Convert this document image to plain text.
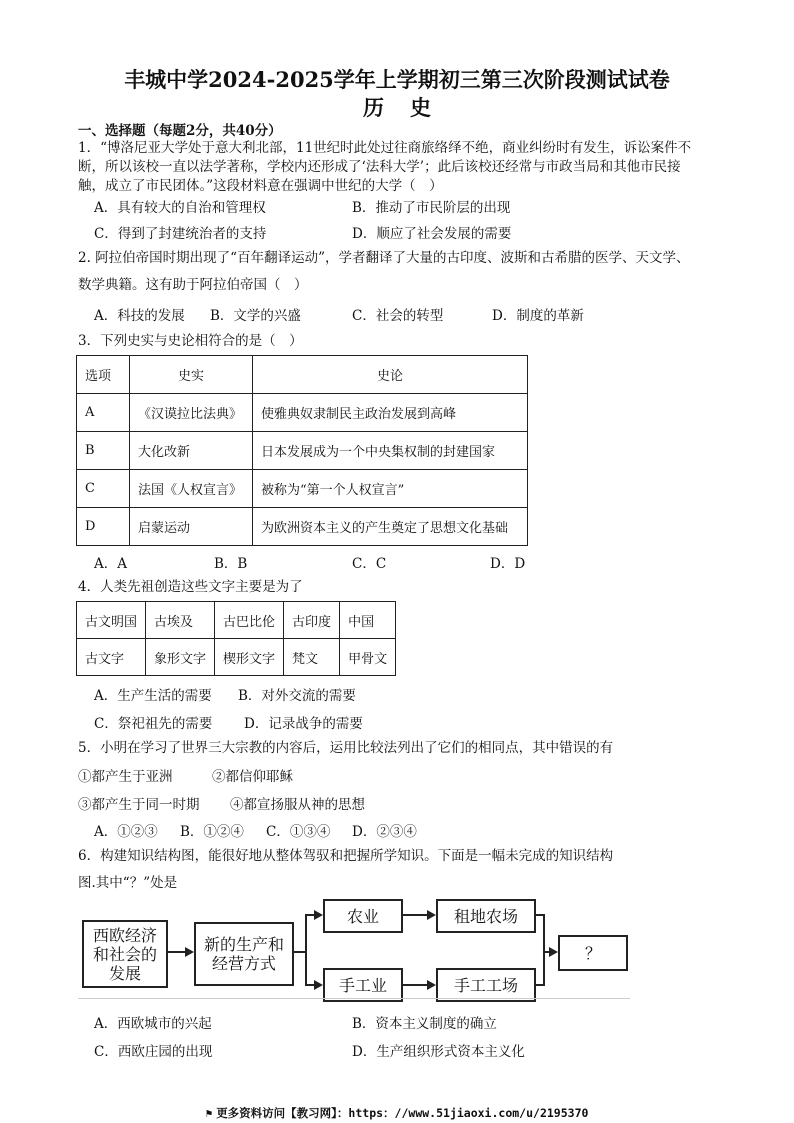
丰城中学2024-2025学年上学期初三第三次阶段测试试卷
历史
一、选择题（每题2分，共40分）
1．“博洛尼亚大学处于意大利北部，11世纪时此处过往商旅络绎不绝，商业纠纷时有发生，诉讼案件不
断，所以该校一直以法学著称，学校内还形成了‘法科大学’；此后该校还经常与市政当局和其他市民接
触，成立了市民团体。”这段材料意在强调中世纪的大学（　）
A．具有较大的自治和管理权	B．推动了市民阶层的出现
C．得到了封建统治者的支持	D．顺应了社会发展的需要
2. 阿拉伯帝国时期出现了“百年翻译运动”，学者翻译了大量的古印度、波斯和古希腊的医学、天文学、
数学典籍。这有助于阿拉伯帝国（　）
A．科技的发展 B．文学的兴盛	C．社会的转型	D．制度的革新
3．下列史实与史论相符合的是（　）
选项	史实	史论
A	《汉谟拉比法典》	使雅典奴隶制民主政治发展到高峰
B	大化改新	日本发展成为一个中央集权制的封建国家
C	法国《人权宣言》	被称为“第一个人权宣言”
D	启蒙运动	为欧洲资本主义的产生奠定了思想文化基础
A．A	B．B	C．C	D．D
4．人类先祖创造这些文字主要是为了
古文明国	古埃及	古巴比伦	古印度	中国
古文字	象形文字	楔形文字	梵文	甲骨文
A．生产生活的需要 B．对外交流的需要
C．祭祀祖先的需要 D．记录战争的需要
5．小明在学习了世界三大宗教的内容后，运用比较法列出了它们的相同点，其中错误的有
①都产生于亚洲	②都信仰耶稣
③都产生于同一时期 ④都宣扬服从神的思想
A．①②③ B．①②④ C．①③④ D．②③④
6．构建知识结构图，能很好地从整体驾驭和把握所学知识。下面是一幅未完成的知识结构
图.其中“？”处是
西欧经济
和社会的
发展
新的生产和
经营方式
农业
手工业
租地农场
手工工场
？
A．西欧城市的兴起	B．资本主义制度的确立
C．西欧庄园的出现	D．生产组织形式资本主义化
⚑ 更多资料访问【教习网】：https：//www.51jiaoxi.com/u/2195370
